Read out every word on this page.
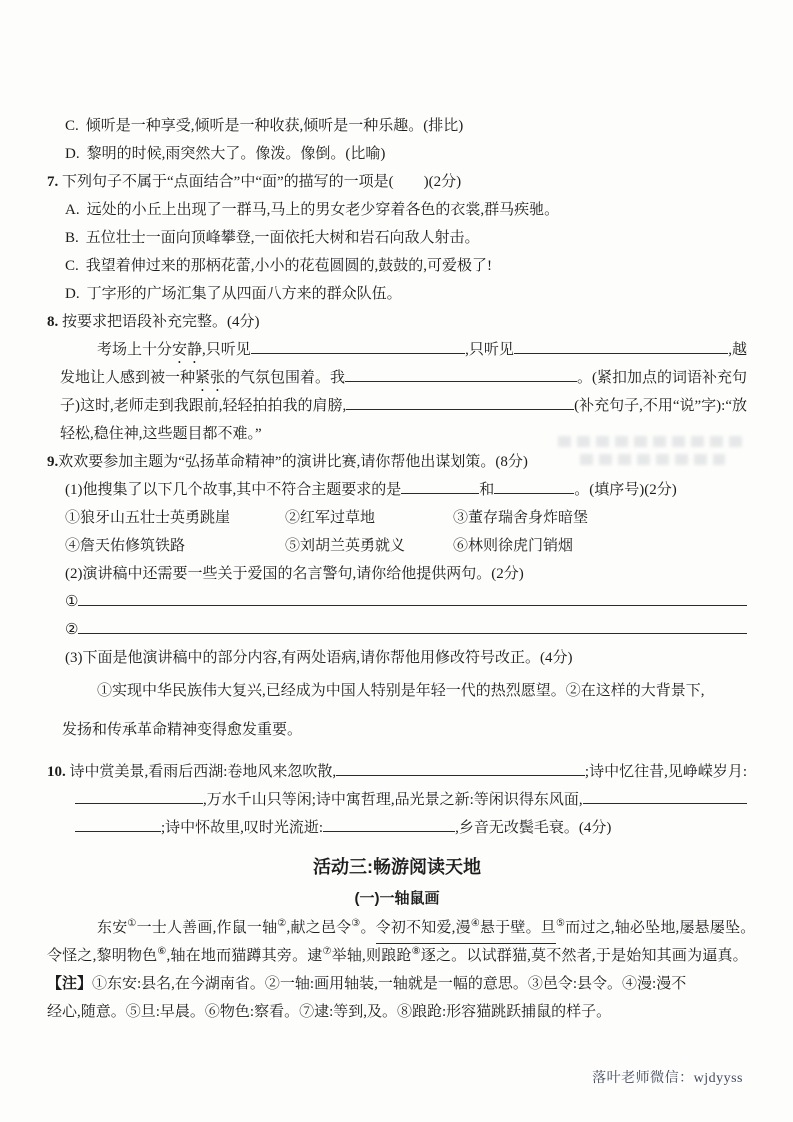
C. 倾听是一种享受,倾听是一种收获,倾听是一种乐趣。(排比)
D. 黎明的时候,雨突然大了。像泼。像倒。(比喻)
7. 下列句子不属于“点面结合”中“面”的描写的一项是(　　)(2分)
A. 远处的小丘上出现了一群马,马上的男女老少穿着各色的衣裳,群马疾驰。
B. 五位壮士一面向顶峰攀登,一面依托大树和岩石向敌人射击。
C. 我望着伸过来的那柄花蕾,小小的花苞圆圆的,鼓鼓的,可爱极了!
D. 丁字形的广场汇集了从四面八方来的群众队伍。
8. 按要求把语段补充完整。(4分)
考场上十分 安静 ,只听见	,只听见	,越
发地让人感到被一种 紧张 的气氛包围着。我	。(紧扣加点的词语补充句
子)这时,老师走到我跟前,轻轻拍拍我的肩膀,	(补充句子,不用“说”字):“放
轻松,稳住神,这些题目都不难。”
9. 欢欢要参加主题为“弘扬革命精神”的演讲比赛,请你帮他出谋划策。(8分)
(1)他搜集了以下几个故事,其中不符合主题要求的是	和	。(填序号)(2分)
①狼牙山五壮士英勇跳崖	②红军过草地	③董存瑞舍身炸暗堡
④詹天佑修筑铁路	⑤刘胡兰英勇就义	⑥林则徐虎门销烟
(2)演讲稿中还需要一些关于爱国的名言警句,请你给他提供两句。(2分)
①
②
(3)下面是他演讲稿中的部分内容,有两处语病,请你帮他用修改符号改正。(4分)
①实现中华民族伟大复兴,已经成为中国人特别是年轻一代的热烈愿望。②在这样的大背景下,
发扬和传承革命精神变得愈发重要。
10. 诗中赏美景,看雨后西湖:卷地风来忽吹散,	;诗中忆往昔,见峥嵘岁月:
,万水千山只等闲;诗中寓哲理,品光景之新:等闲识得东风面,
;诗中怀故里,叹时光流逝:	,乡音无改鬓毛衰。(4分)
活动三:畅游阅读天地
(一)一轴鼠画
东安 ① 一士人善画,作鼠一轴 ② ,献之邑令 ③ 。 令初不知爱,漫 ④ 悬于壁。旦 ⑤ 而过之,轴必坠地,屡悬屡坠。
令怪之,黎明物色 ⑥ ,轴在地而猫蹲其旁。逮 ⑦ 举轴,则踉跄 ⑧ 逐之。以试群猫,莫不然者,于是始知其画为逼真。
【注】 ①东安:县名,在今湖南省。②一轴:画用轴装,一轴就是一幅的意思。③邑令:县令。④漫:漫不
经心,随意。⑤旦:早晨。⑥物色:察看。⑦逮:等到,及。⑧踉跄:形容猫跳跃捕鼠的样子。
落叶老师微信：wjdyyss
